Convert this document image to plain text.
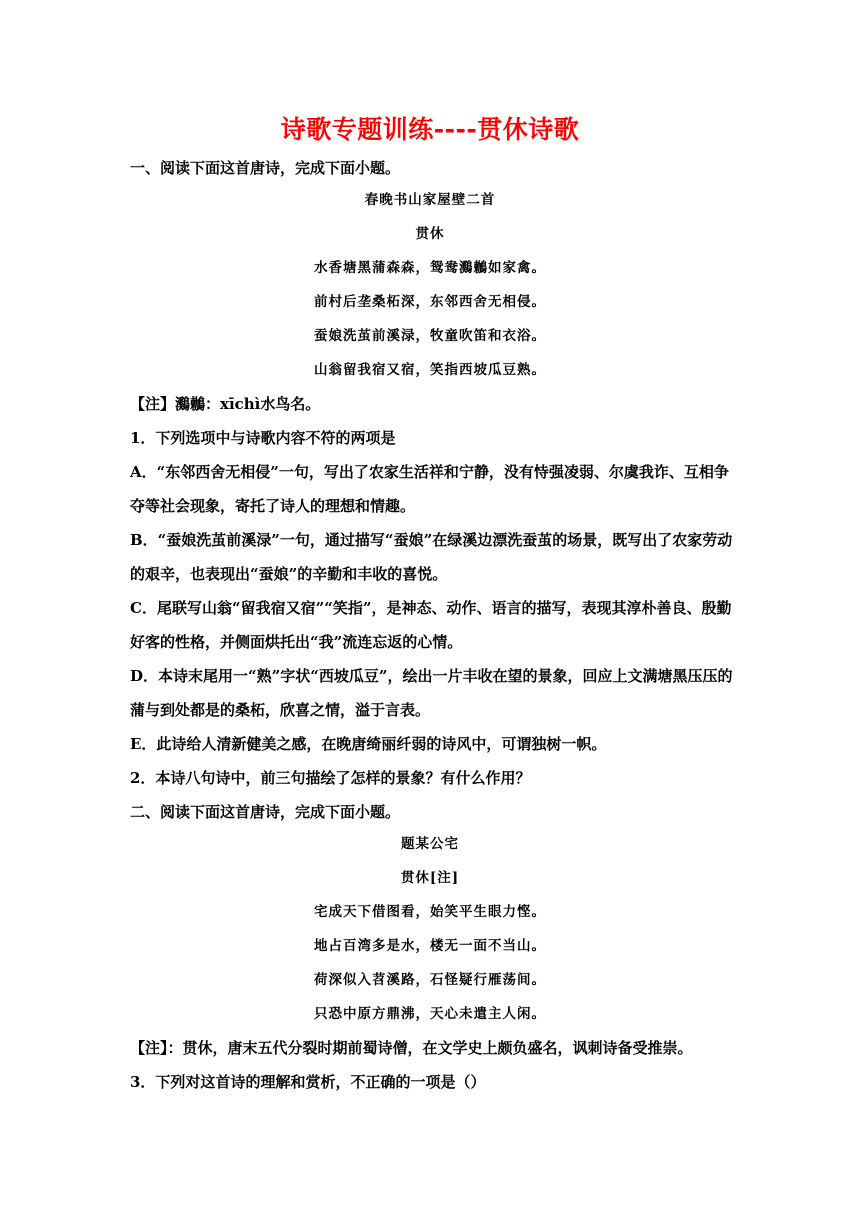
诗歌专题训练----贯休诗歌
一、阅读下面这首唐诗，完成下面小题。
春晚书山家屋壁二首
贯休
水香塘黑蒲森森，鸳鸯鸂鶒如家禽。
前村后垄桑柘深，东邻西舍无相侵。
蚕娘洗茧前溪渌，牧童吹笛和衣浴。
山翁留我宿又宿，笑指西坡瓜豆熟。
【注】鸂鶒：xīchì水鸟名。
1．下列选项中与诗歌内容不符的两项是
A．“东邻西舍无相侵”一句，写出了农家生活祥和宁静，没有恃强凌弱、尔虞我诈、互相争
夺等社会现象，寄托了诗人的理想和情趣。
B．“蚕娘洗茧前溪渌”一句，通过描写“蚕娘”在绿溪边漂洗蚕茧的场景，既写出了农家劳动
的艰辛，也表现出“蚕娘”的辛勤和丰收的喜悦。
C．尾联写山翁“留我宿又宿”“笑指”，是神态、动作、语言的描写，表现其淳朴善良、殷勤
好客的性格，并侧面烘托出“我”流连忘返的心情。
D．本诗末尾用一“熟”字状“西坡瓜豆”，绘出一片丰收在望的景象，回应上文满塘黑压压的
蒲与到处都是的桑柘，欣喜之情，溢于言表。
E．此诗给人清新健美之感，在晚唐绮丽纤弱的诗风中，可谓独树一帜。
2．本诗八句诗中，前三句描绘了怎样的景象？有什么作用？
二、阅读下面这首唐诗，完成下面小题。
题某公宅
贯休[注]
宅成天下借图看，始笑平生眼力悭。
地占百湾多是水，楼无一面不当山。
荷深似入苕溪路，石怪疑行雁荡间。
只恐中原方鼎沸，天心未遣主人闲。
【注】：贯休，唐末五代分裂时期前蜀诗僧，在文学史上颇负盛名，讽刺诗备受推崇。
3．下列对这首诗的理解和赏析，不正确的一项是（）
